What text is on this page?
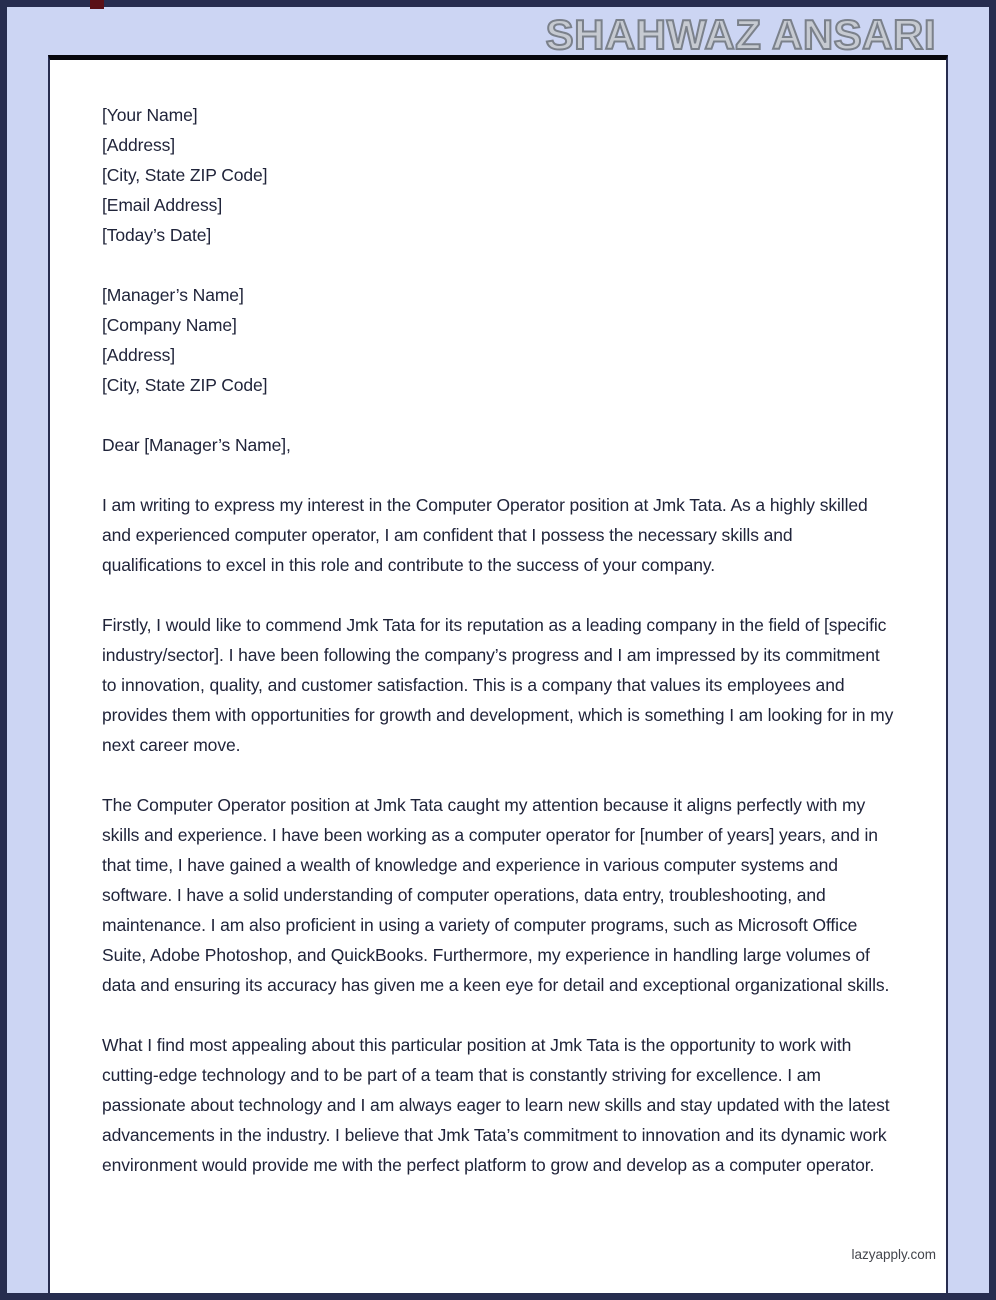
SHAHWAZ ANSARI
[Your Name]
[Address]
[City, State ZIP Code]
[Email Address]
[Today’s Date]
[Manager’s Name]
[Company Name]
[Address]
[City, State ZIP Code]
Dear [Manager’s Name],
I am writing to express my interest in the Computer Operator position at Jmk Tata. As a highly skilled and experienced computer operator, I am confident that I possess the necessary skills and qualifications to excel in this role and contribute to the success of your company.
Firstly, I would like to commend Jmk Tata for its reputation as a leading company in the field of [specific industry/sector]. I have been following the company’s progress and I am impressed by its commitment to innovation, quality, and customer satisfaction. This is a company that values its employees and provides them with opportunities for growth and development, which is something I am looking for in my next career move.
The Computer Operator position at Jmk Tata caught my attention because it aligns perfectly with my skills and experience. I have been working as a computer operator for [number of years] years, and in that time, I have gained a wealth of knowledge and experience in various computer systems and software. I have a solid understanding of computer operations, data entry, troubleshooting, and maintenance. I am also proficient in using a variety of computer programs, such as Microsoft Office Suite, Adobe Photoshop, and QuickBooks. Furthermore, my experience in handling large volumes of data and ensuring its accuracy has given me a keen eye for detail and exceptional organizational skills.
What I find most appealing about this particular position at Jmk Tata is the opportunity to work with cutting-edge technology and to be part of a team that is constantly striving for excellence. I am passionate about technology and I am always eager to learn new skills and stay updated with the latest advancements in the industry. I believe that Jmk Tata’s commitment to innovation and its dynamic work environment would provide me with the perfect platform to grow and develop as a computer operator.
lazyapply.com
